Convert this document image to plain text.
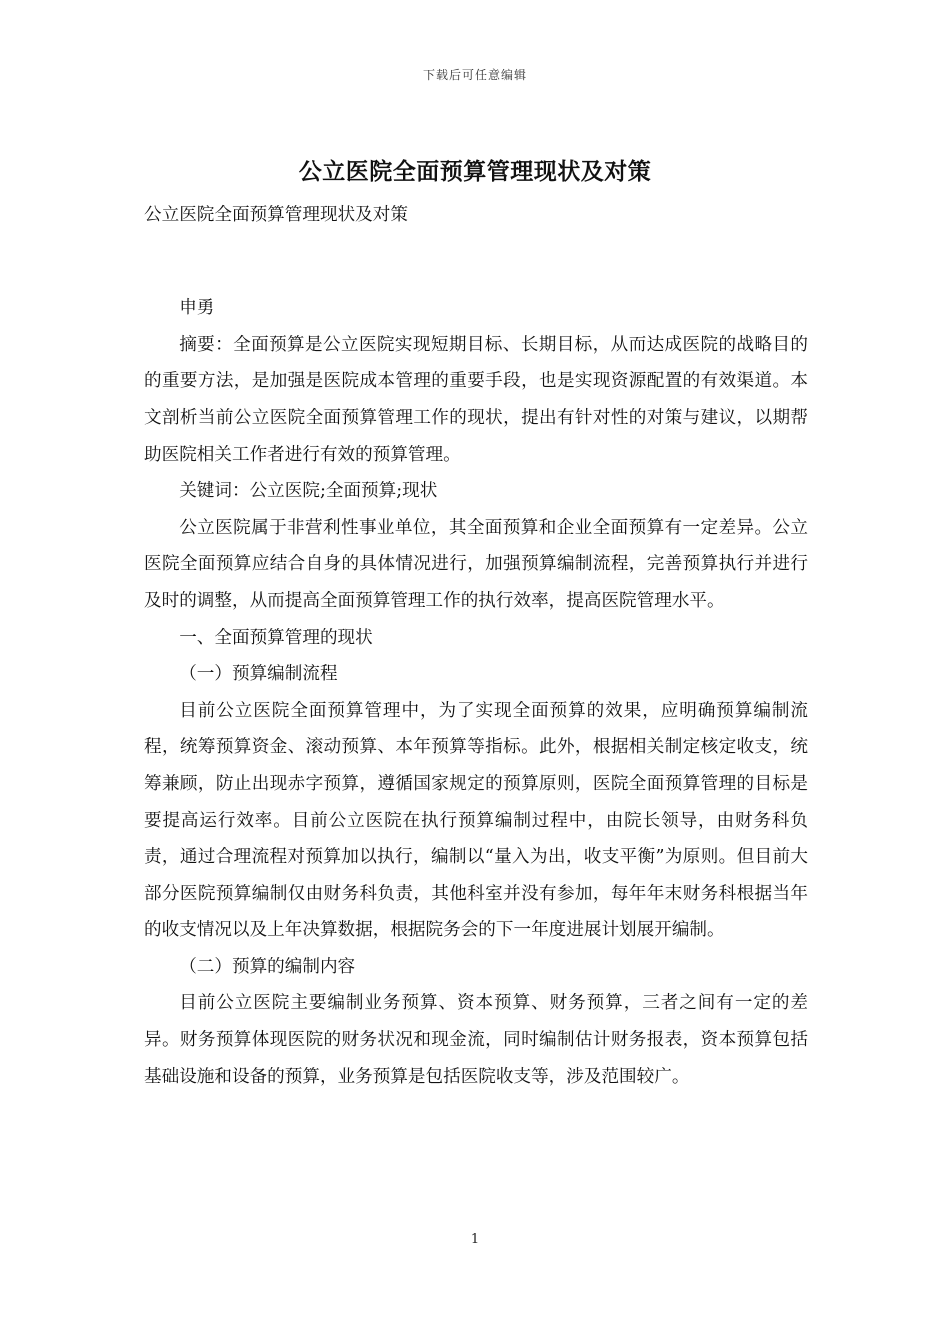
下载后可任意编辑
公立医院全面预算管理现状及对策

公立医院全面预算管理现状及对策

申勇

摘要：全面预算是公立医院实现短期目标、长期目标，从而达成医院的战略目的的重要方法，是加强是医院成本管理的重要手段，也是实现资源配置的有效渠道。本文剖析当前公立医院全面预算管理工作的现状，提出有针对性的对策与建议，以期帮助医院相关工作者进行有效的预算管理。

关键词：公立医院;全面预算;现状

公立医院属于非营利性事业单位，其全面预算和企业全面预算有一定差异。公立医院全面预算应结合自身的具体情况进行，加强预算编制流程，完善预算执行并进行及时的调整，从而提高全面预算管理工作的执行效率，提高医院管理水平。

一、全面预算管理的现状

（一）预算编制流程

目前公立医院全面预算管理中，为了实现全面预算的效果，应明确预算编制流程，统筹预算资金、滚动预算、本年预算等指标。此外，根据相关制定核定收支，统筹兼顾，防止出现赤字预算，遵循国家规定的预算原则，医院全面预算管理的目标是要提高运行效率。目前公立医院在执行预算编制过程中，由院长领导，由财务科负责，通过合理流程对预算加以执行，编制以“量入为出，收支平衡”为原则。但目前大部分医院预算编制仅由财务科负责，其他科室并没有参加，每年年末财务科根据当年的收支情况以及上年决算数据，根据院务会的下一年度进展计划展开编制。

（二）预算的编制内容

目前公立医院主要编制业务预算、资本预算、财务预算，三者之间有一定的差异。财务预算体现医院的财务状况和现金流，同时编制估计财务报表，资本预算包括基础设施和设备的预算，业务预算是包括医院收支等，涉及范围较广。

1
